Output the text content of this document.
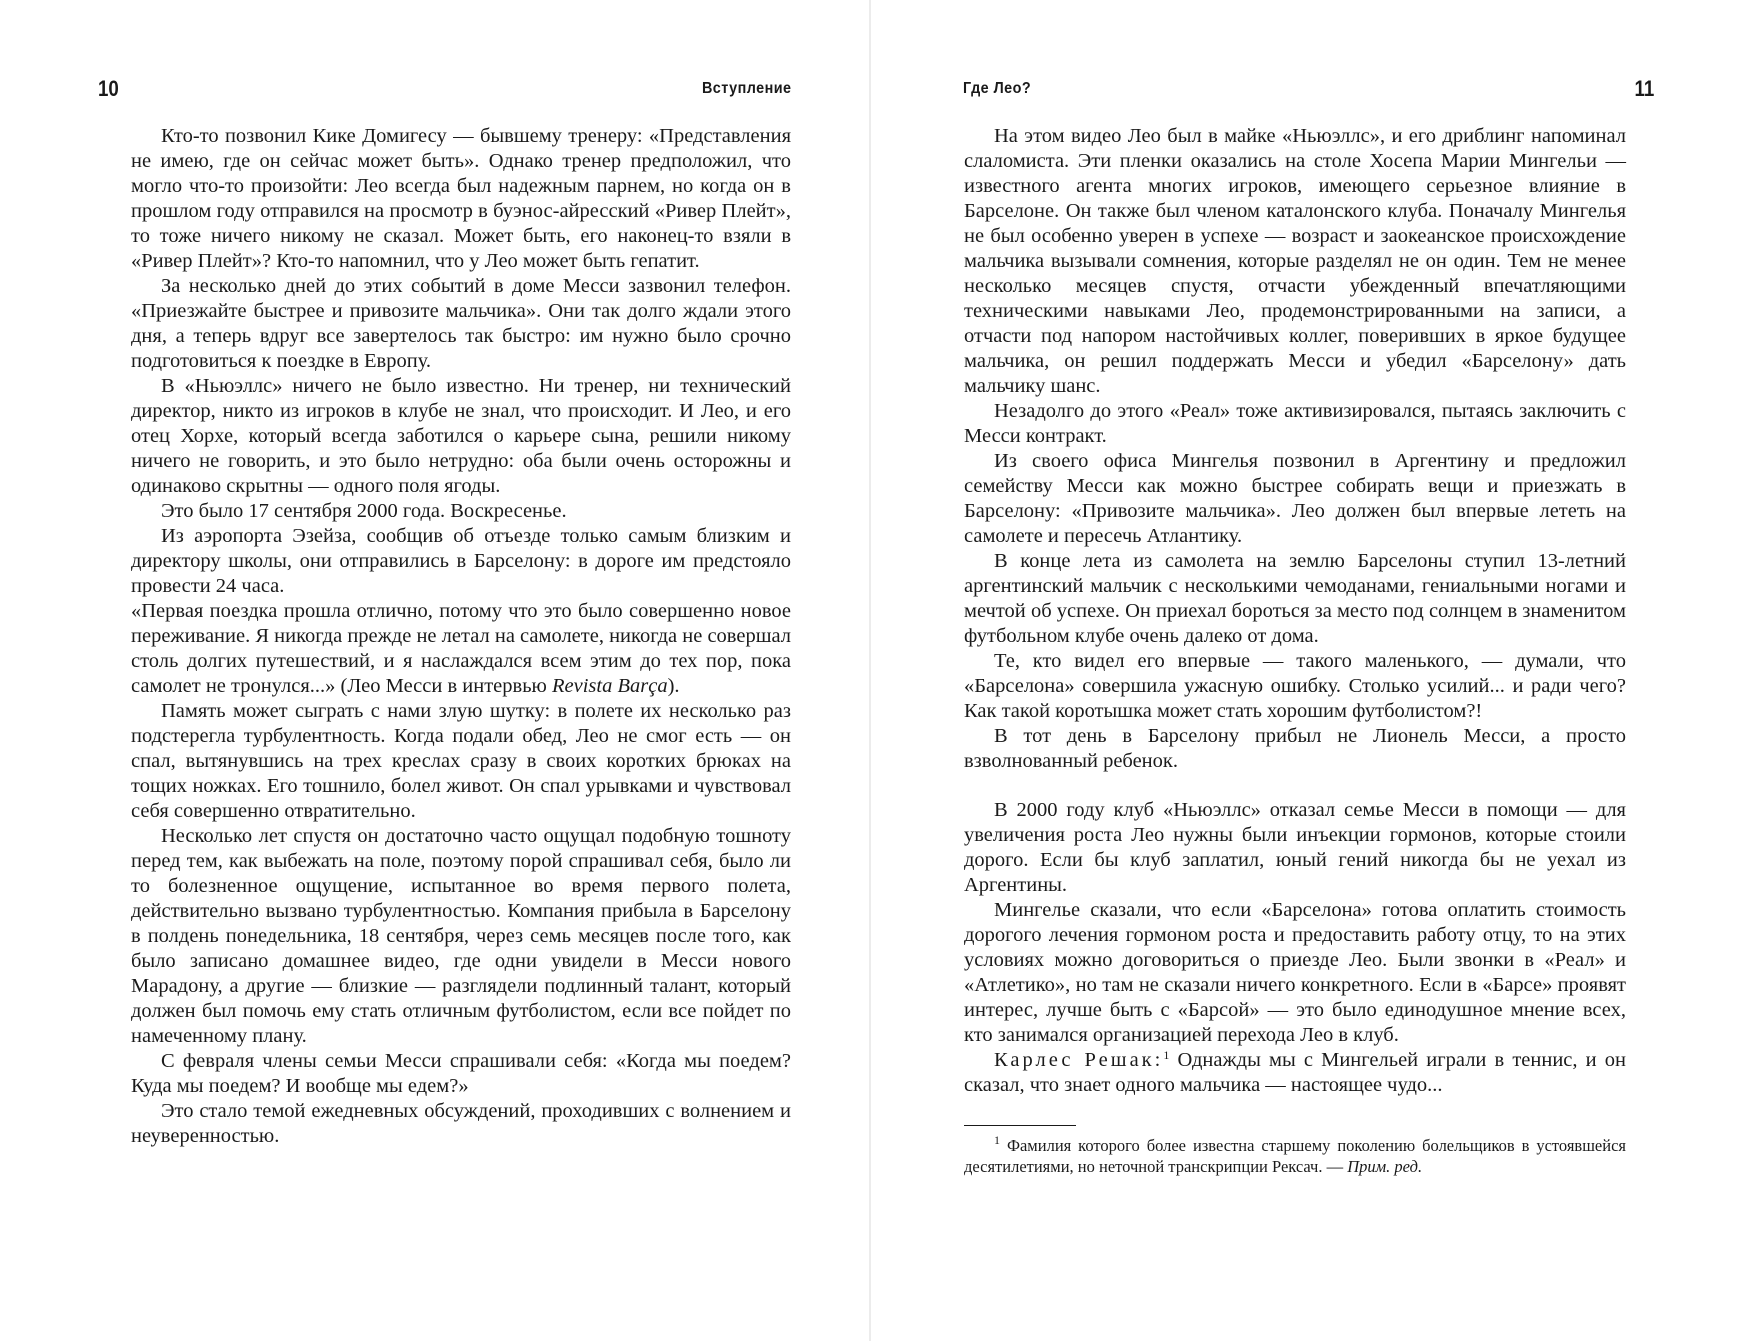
10	Вступление

Кто-то позвонил Кике Домигесу — бывшему тренеру: «Представления не имею, где он сейчас может быть». Однако тренер предположил, что могло что-то произойти: Лео всегда был надежным парнем, но когда он в прошлом году отправился на просмотр в буэнос-айресский «Ривер Плейт», то тоже ничего никому не сказал. Может быть, его наконец-то взяли в «Ривер Плейт»? Кто-то напомнил, что у Лео может быть гепатит.

За несколько дней до этих событий в доме Месси зазвонил телефон. «Приезжайте быстрее и привозите мальчика». Они так долго ждали этого дня, а теперь вдруг все завертелось так быстро: им нужно было срочно подготовиться к поездке в Европу.

В «Ньюэллс» ничего не было известно. Ни тренер, ни технический директор, никто из игроков в клубе не знал, что происходит. И Лео, и его отец Хорхе, который всегда заботился о карьере сына, решили никому ничего не говорить, и это было нетрудно: оба были очень осторожны и одинаково скрытны — одного поля ягоды.

Это было 17 сентября 2000 года. Воскресенье.

Из аэропорта Эзейза, сообщив об отъезде только самым близким и директору школы, они отправились в Барселону: в дороге им предстояло провести 24 часа.

«Первая поездка прошла отлично, потому что это было совершенно новое переживание. Я никогда прежде не летал на самолете, никогда не совершал столь долгих путешествий, и я наслаждался всем этим до тех пор, пока самолет не тронулся...» (Лео Месси в интервью Revista Barça).

Память может сыграть с нами злую шутку: в полете их несколько раз подстерегла турбулентность. Когда подали обед, Лео не смог есть — он спал, вытянувшись на трех креслах сразу в своих коротких брюках на тощих ножках. Его тошнило, болел живот. Он спал урывками и чувствовал себя совершенно отвратительно.

Несколько лет спустя он достаточно часто ощущал подобную тошноту перед тем, как выбежать на поле, поэтому порой спрашивал себя, было ли то болезненное ощущение, испытанное во время первого полета, действительно вызвано турбулентностью. Компания прибыла в Барселону в полдень понедельника, 18 сентября, через семь месяцев после того, как было записано домашнее видео, где одни увидели в Месси нового Марадону, а другие — близкие — разглядели подлинный талант, который должен был помочь ему стать отличным футболистом, если все пойдет по намеченному плану.

С февраля члены семьи Месси спрашивали себя: «Когда мы поедем? Куда мы поедем? И вообще мы едем?»

Это стало темой ежедневных обсуждений, проходивших с волнением и неуверенностью.

Где Лео?	11

На этом видео Лео был в майке «Ньюэллс», и его дриблинг напоминал слаломиста. Эти пленки оказались на столе Хосепа Марии Мингельи — известного агента многих игроков, имеющего серьезное влияние в Барселоне. Он также был членом каталонского клуба. Поначалу Мингелья не был особенно уверен в успехе — возраст и заокеанское происхождение мальчика вызывали сомнения, которые разделял не он один. Тем не менее несколько месяцев спустя, отчасти убежденный впечатляющими техническими навыками Лео, продемонстрированными на записи, а отчасти под напором настойчивых коллег, поверивших в яркое будущее мальчика, он решил поддержать Месси и убедил «Барселону» дать мальчику шанс.

Незадолго до этого «Реал» тоже активизировался, пытаясь заключить с Месси контракт.

Из своего офиса Мингелья позвонил в Аргентину и предложил семейству Месси как можно быстрее собирать вещи и приезжать в Барселону: «Привозите мальчика». Лео должен был впервые лететь на самолете и пересечь Атлантику.

В конце лета из самолета на землю Барселоны ступил 13-летний аргентинский мальчик с несколькими чемоданами, гениальными ногами и мечтой об успехе. Он приехал бороться за место под солнцем в знаменитом футбольном клубе очень далеко от дома.

Те, кто видел его впервые — такого маленького, — думали, что «Барселона» совершила ужасную ошибку. Столько усилий... и ради чего? Как такой коротышка может стать хорошим футболистом?!

В тот день в Барселону прибыл не Лионель Месси, а просто взволнованный ребенок.

В 2000 году клуб «Ньюэллс» отказал семье Месси в помощи — для увеличения роста Лео нужны были инъекции гормонов, которые стоили дорого. Если бы клуб заплатил, юный гений никогда бы не уехал из Аргентины.

Мингелье сказали, что если «Барселона» готова оплатить стоимость дорогого лечения гормоном роста и предоставить работу отцу, то на этих условиях можно договориться о приезде Лео. Были звонки в «Реал» и «Атлетико», но там не сказали ничего конкретного. Если в «Барсе» проявят интерес, лучше быть с «Барсой» — это было единодушное мнение всех, кто занимался организацией перехода Лео в клуб.

Карлес Решак:$^1$ Однажды мы с Мингельей играли в теннис, и он сказал, что знает одного мальчика — настоящее чудо...

$^1$ Фамилия которого более известна старшему поколению болельщиков в устоявшейся десятилетиями, но неточной транскрипции Рексач. — Прим. ред.
